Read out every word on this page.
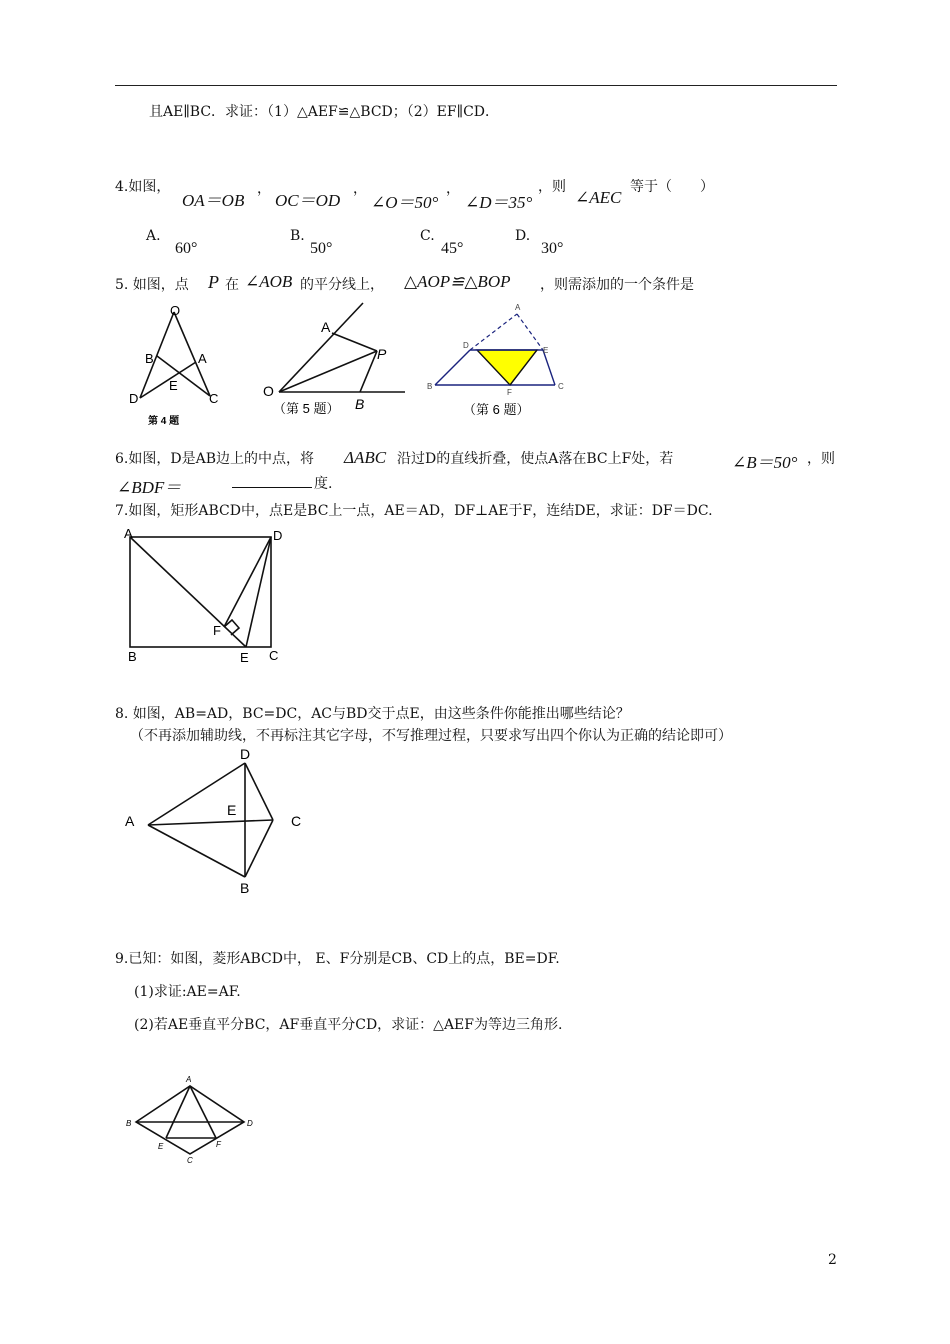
且AE∥BC．求证：（1）△AEF≌△BCD；（2）EF∥CD．
4.如图，
OA＝OB
，
OC＝OD
，
∠O＝50°
，
∠D＝35°
，则
∠AEC
等于（　　）
A.
60°
B.
50°
C.
45°
D.
30°
5. 如图，点 P 在 ∠AOB 的平分线上， △AOP≌△BOP ，则需添加的一个条件是
O
B	A
E
D	C
第 4 题
A
P
O
B
（第 5 题）
A
D
E
F
B	C
（第 6 题）
6.如图，D是AB边上的中点，将 ΔABC 沿过D的直线折叠，使点A落在BC上F处，若	∠B＝50° ，则
∠BDF＝	度.
7.如图，矩形ABCD中，点E是BC上一点，AE＝AD，DF⊥AE于F，连结DE，求证：DF＝DC.
A	D
F
B	E C
8. 如图，AB=AD，BC=DC，AC与BD交于点E，由这些条件你能推出哪些结论？
（不再添加辅助线，不再标注其它字母，不写推理过程，只要求写出四个你认为正确的结论即可）
D
A
E
C
B
9.已知：如图，菱形ABCD中， E、F分别是CB、CD上的点，BE=DF.
(1)求证:AE=AF.
(2)若AE垂直平分BC，AF垂直平分CD，求证：△AEF为等边三角形.
A
B	D
E	F
C
2
